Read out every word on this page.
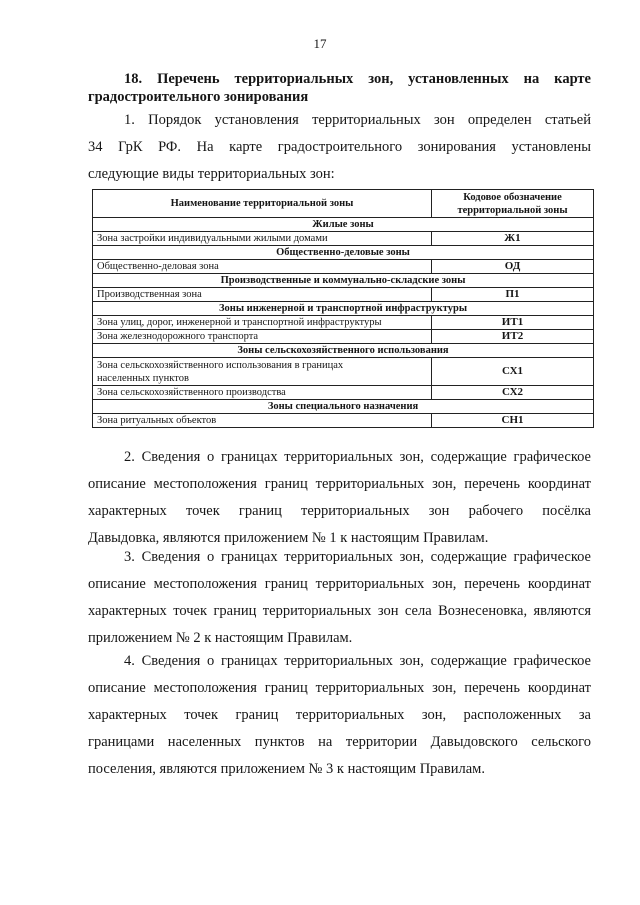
17
18. Перечень территориальных зон, установленных на карте
градостроительного зонирования
1. Порядок установления территориальных зон определен статьей
34 ГрК РФ. На карте градостроительного зонирования установлены
следующие виды территориальных зон:
Наименование территориальной зоны	Кодовое обозначение
территориальной зоны
Жилые зоны	
Зона застройки индивидуальными жилыми домами	Ж1
Общественно-деловые зоны	
Общественно-деловая зона	ОД
Производственные и коммунально-складские зоны	
Производственная зона	П1
Зоны инженерной и транспортной инфраструктуры	
Зона улиц, дорог, инженерной и транспортной инфраструктуры	ИТ1
Зона железнодорожного транспорта	ИТ2
Зоны сельскохозяйственного использования	
Зона сельскохозяйственного использования в границах
населенных пунктов	СХ1
Зона сельскохозяйственного производства	СХ2
Зоны специального назначения	
Зона ритуальных объектов	СН1
2. Сведения о границах территориальных зон, содержащие графическое
описание местоположения границ территориальных зон, перечень координат
характерных точек границ территориальных зон рабочего посёлка
Давыдовка, являются приложением № 1 к настоящим Правилам.
3. Сведения о границах территориальных зон, содержащие графическое
описание местоположения границ территориальных зон, перечень координат
характерных точек границ территориальных зон села Вознесеновка, являются
приложением № 2 к настоящим Правилам.
4. Сведения о границах территориальных зон, содержащие графическое
описание местоположения границ территориальных зон, перечень координат
характерных точек границ территориальных зон, расположенных за
границами населенных пунктов на территории Давыдовского сельского
поселения, являются приложением № 3 к настоящим Правилам.
